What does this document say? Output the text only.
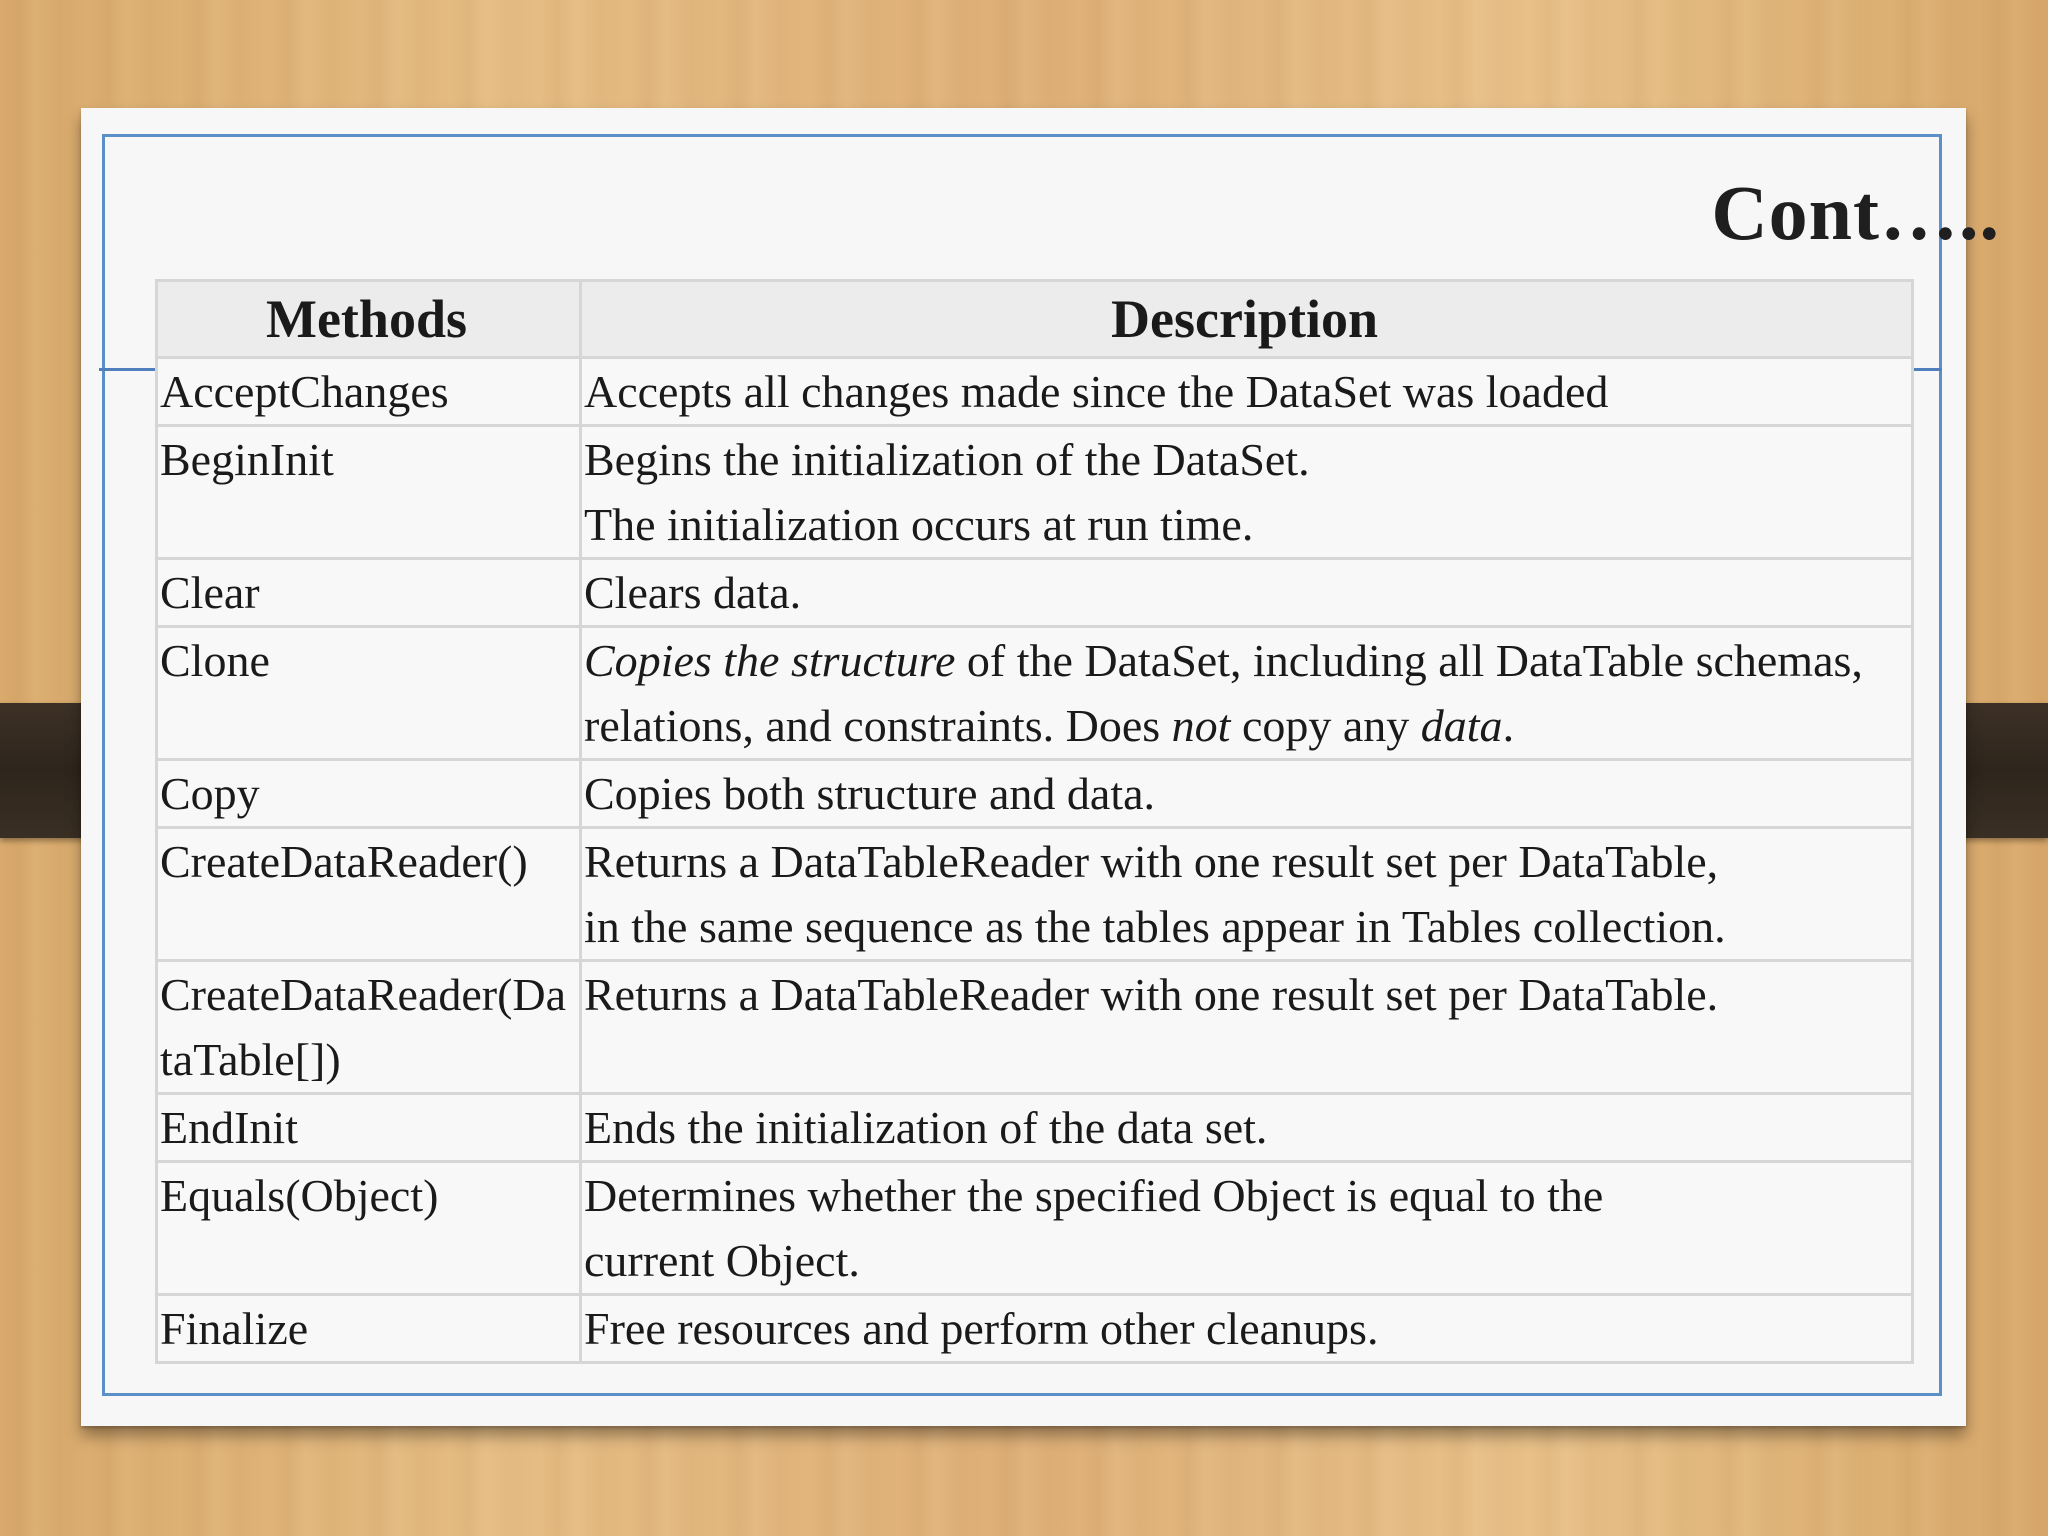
Cont…..
Methods	Description
AcceptChanges	Accepts all changes made since the DataSet was loaded

BeginInit	Begins the initialization of the DataSet.
The initialization occurs at run time.

Clear	Clears data.

Clone	Copies the structure of the DataSet, including all DataTable schemas, relations, and constraints. Does not copy any data.
Copy	Copies both structure and data.

CreateDataReader()	Returns a DataTableReader with one result set per DataTable,
in the same sequence as the tables appear in Tables collection.

CreateDataReader(DataTable[])	Returns a DataTableReader with one result set per DataTable.

EndInit	Ends the initialization of the data set.

Equals(Object)	Determines whether the specified Object is equal to the
current Object.

Finalize	Free resources and perform other cleanups.
